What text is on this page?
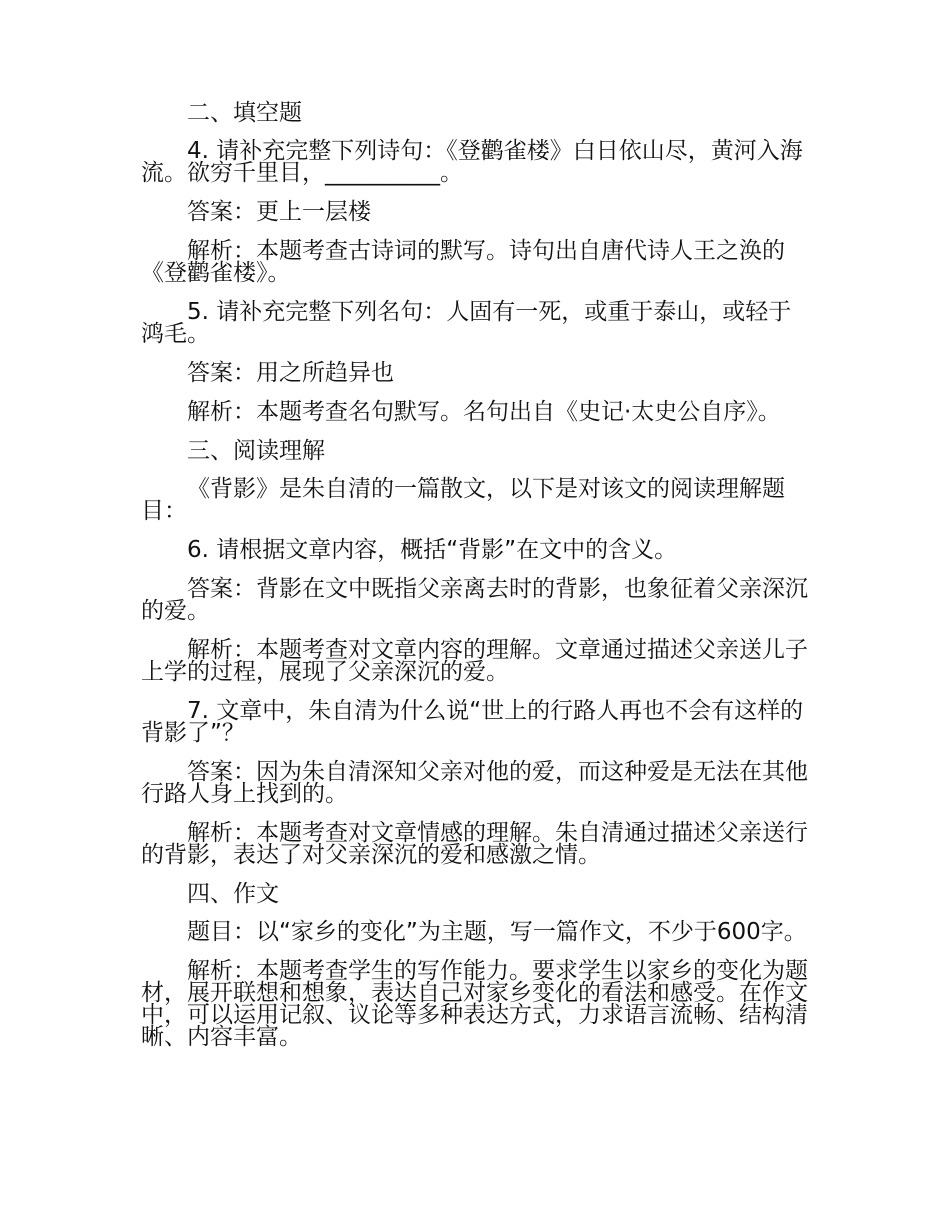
二、填空题

4. 请补充完整下列诗句：《登鹳雀楼》白日依山尽，黄河入海流。欲穷千里目，__________。

答案：更上一层楼

解析：本题考查古诗词的默写。诗句出自唐代诗人王之涣的《登鹳雀楼》。

5. 请补充完整下列名句：人固有一死，或重于泰山，或轻于鸿毛。

答案：用之所趋异也

解析：本题考查名句默写。名句出自《史记·太史公自序》。

三、阅读理解

《背影》是朱自清的一篇散文，以下是对该文的阅读理解题目：

6. 请根据文章内容，概括“背影”在文中的含义。

答案：背影在文中既指父亲离去时的背影，也象征着父亲深沉的爱。

解析：本题考查对文章内容的理解。文章通过描述父亲送儿子上学的过程，展现了父亲深沉的爱。

7. 文章中，朱自清为什么说“世上的行路人再也不会有这样的背影了”？

答案：因为朱自清深知父亲对他的爱，而这种爱是无法在其他行路人身上找到的。

解析：本题考查对文章情感的理解。朱自清通过描述父亲送行的背影，表达了对父亲深沉的爱和感激之情。

四、作文

题目：以“家乡的变化”为主题，写一篇作文，不少于600字。

解析：本题考查学生的写作能力。要求学生以家乡的变化为题材，展开联想和想象，表达自己对家乡变化的看法和感受。在作文中，可以运用记叙、议论等多种表达方式，力求语言流畅、结构清晰、内容丰富。
